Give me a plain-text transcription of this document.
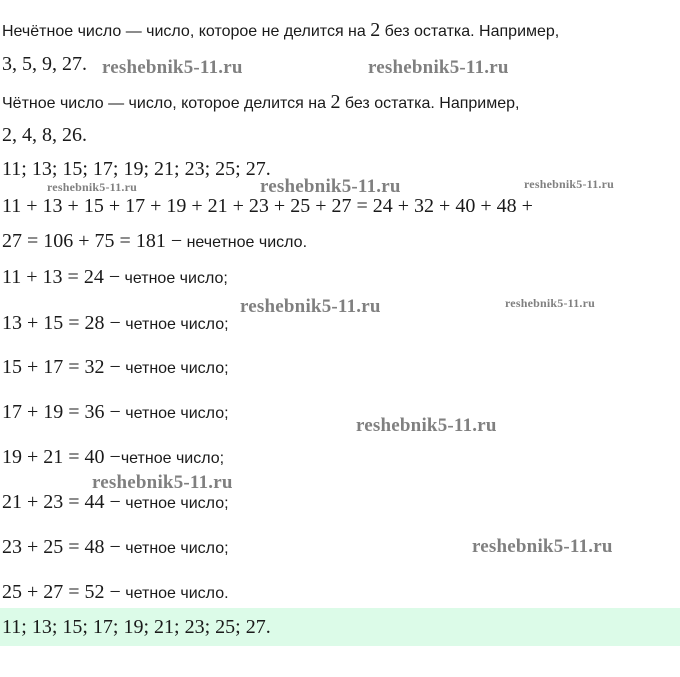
Нечётное число — число, которое не делится на 2 без остатка. Например,
3, 5, 9, 27.
Чётное число — число, которое делится на 2 без остатка. Например,
2, 4, 8, 26.
11; 13; 15; 17; 19; 21; 23; 25; 27.
11 + 13 + 15 + 17 + 19 + 21 + 23 + 25 + 27 = 24 + 32 + 40 + 48 +
27 = 106 + 75 = 181 − нечетное число.
11 + 13 = 24 − четное число;
13 + 15 = 28 − четное число;
15 + 17 = 32 − четное число;
17 + 19 = 36 − четное число;
19 + 21 = 40 −четное число;
21 + 23 = 44 − четное число;
23 + 25 = 48 − четное число;
25 + 27 = 52 − четное число.
11; 13; 15; 17; 19; 21; 23; 25; 27.
reshebnik5-11.ru	reshebnik5-11.ru
reshebnik5-11.ru	reshebnik5-11.ru	reshebnik5-11.ru
reshebnik5-11.ru	reshebnik5-11.ru
reshebnik5-11.ru
reshebnik5-11.ru
reshebnik5-11.ru
